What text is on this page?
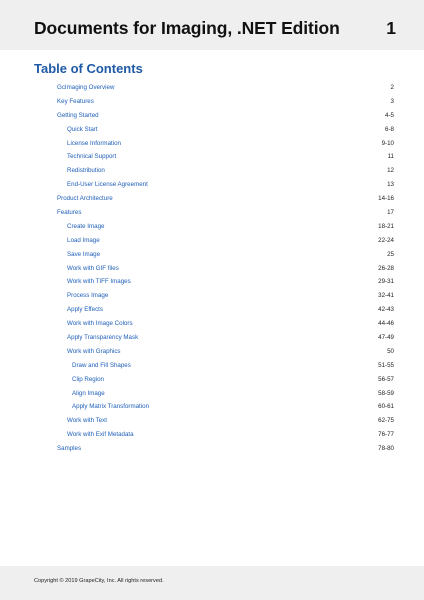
Documents for Imaging, .NET Edition	1
Table of Contents
GcImaging Overview	2
Key Features	3
Getting Started	4-5
Quick Start	6-8
License Information	9-10
Technical Support	11
Redistribution	12
End-User License Agreement	13
Product Architecture	14-16
Features	17
Create Image	18-21
Load Image	22-24
Save Image	25
Work with GIF files	26-28
Work with TIFF Images	29-31
Process Image	32-41
Apply Effects	42-43
Work with Image Colors	44-46
Apply Transparency Mask	47-49
Work with Graphics	50
Draw and Fill Shapes	51-55
Clip Region	56-57
Align Image	58-59
Apply Matrix Transformation	60-61
Work with Text	62-75
Work with Exif Metadata	76-77
Samples	78-80
Copyright © 2019 GrapeCity, Inc. All rights reserved.
